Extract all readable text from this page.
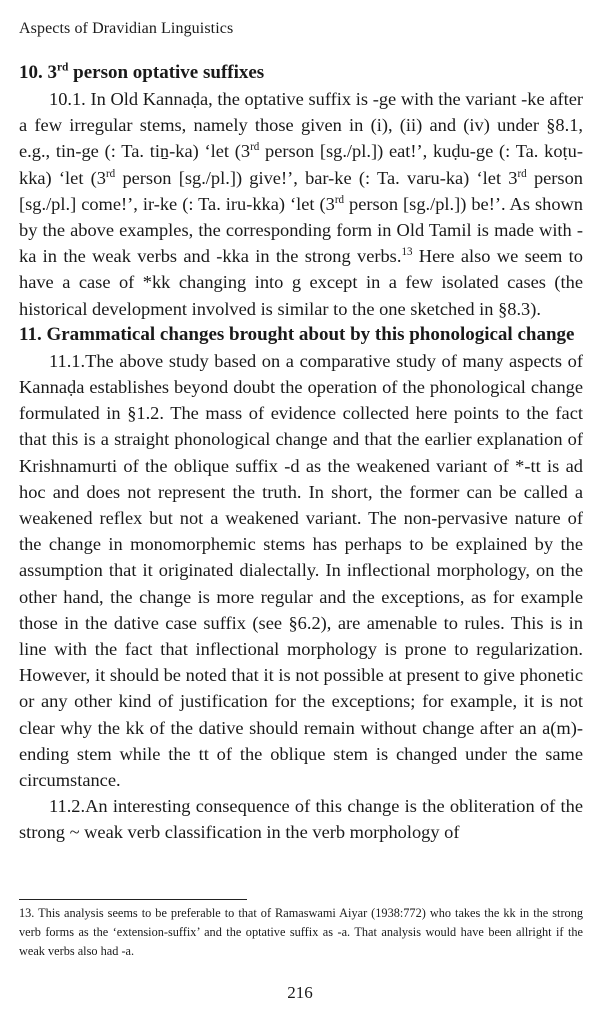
Aspects of Dravidian Linguistics
10. 3rd person optative suffixes

10.1. In Old Kannaḍa, the optative suffix is -ge with the variant -ke after a few irregular stems, namely those given in (i), (ii) and (iv) under §8.1, e.g., tin-ge (: Ta. tiṉ-ka) ‘let (3rd person [sg./pl.]) eat!’, kuḍu-ge (: Ta. koṭu-kka) ‘let (3rd person [sg./pl.]) give!’, bar-ke (: Ta. varu-ka) ‘let 3rd person [sg./pl.] come!’, ir-ke (: Ta. iru-kka) ‘let (3rd person [sg./pl.]) be!’. As shown by the above examples, the corresponding form in Old Tamil is made with -ka in the weak verbs and -kka in the strong verbs.$^{13}$ Here also we seem to have a case of *kk changing into g except in a few isolated cases (the historical development involved is similar to the one sketched in §8.3).

11. Grammatical changes brought about by this phonological change

11.1.The above study based on a comparative study of many aspects of Kannaḍa establishes beyond doubt the operation of the phonological change formulated in §1.2. The mass of evidence collected here points to the fact that this is a straight phonological change and that the earlier explanation of Krishnamurti of the oblique suffix -d as the weakened variant of *-tt is ad hoc and does not represent the truth. In short, the former can be called a weakened reflex but not a weakened variant. The non-pervasive nature of the change in monomorphemic stems has perhaps to be explained by the assumption that it originated dialectally. In inflectional morphology, on the other hand, the change is more regular and the exceptions, as for example those in the dative case suffix (see §6.2), are amenable to rules. This is in line with the fact that inflectional morphology is prone to regularization. However, it should be noted that it is not possible at present to give phonetic or any other kind of justification for the exceptions; for example, it is not clear why the kk of the dative should remain without change after an a(m)-ending stem while the tt of the oblique stem is changed under the same circumstance.

11.2.An interesting consequence of this change is the obliteration of the strong ~ weak verb classification in the verb morphology of

13. This analysis seems to be preferable to that of Ramaswami Aiyar (1938:772) who takes the kk in the strong verb forms as the ‘extension-suffix’ and the optative suffix as -a. That analysis would have been allright if the weak verbs also had -a.

216
